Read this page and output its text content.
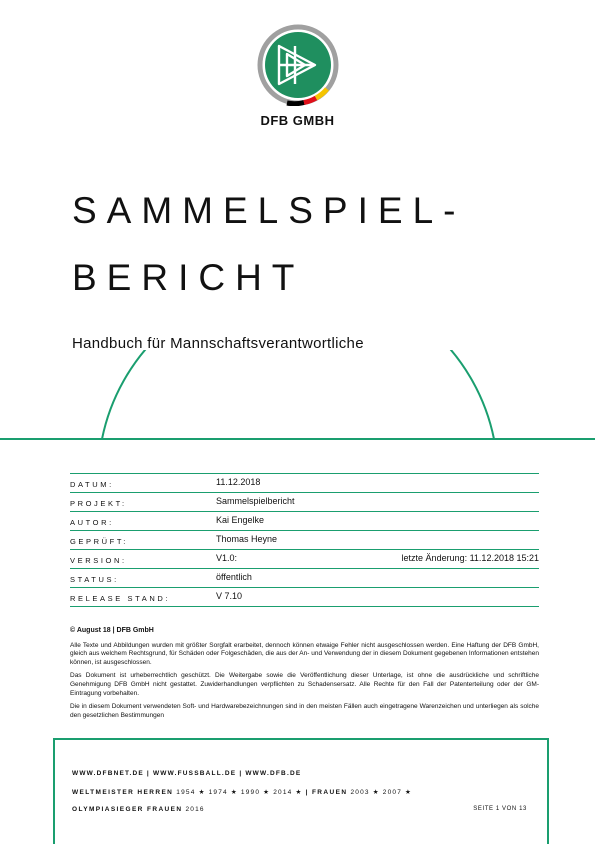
DFB GMBH
SAMMELSPIEL-
BERICHT
Handbuch für Mannschaftsverantwortliche
DATUM:	11.12.2018
PROJEKT:	Sammelspielbericht
AUTOR:	Kai Engelke
GEPRÜFT:	Thomas Heyne
VERSION:	V1.0:	letzte Änderung: 11.12.2018 15:21
STATUS:	öffentlich
RELEASE STAND:	V 7.10

© August 18 | DFB GmbH

Alle Texte und Abbildungen wurden mit größter Sorgfalt erarbeitet, dennoch können etwaige Fehler nicht ausgeschlossen werden. Eine Haftung der DFB GmbH, gleich aus welchem Rechtsgrund, für Schäden oder Folgeschäden, die aus der An- und Verwendung der in diesem Dokument gegebenen Informationen entstehen können, ist ausgeschlossen.

Das Dokument ist urheberrechtlich geschützt. Die Weitergabe sowie die Veröffentlichung dieser Unterlage, ist ohne die ausdrückliche und schriftliche Genehmigung DFB GmbH nicht gestattet. Zuwiderhandlungen verpflichten zu Schadensersatz. Alle Rechte für den Fall der Patenterteilung oder der GM-Eintragung vorbehalten.

Die in diesem Dokument verwendeten Soft- und Hardwarebezeichnungen sind in den meisten Fällen auch eingetragene Warenzeichen und unterliegen als solche den gesetzlichen Bestimmungen

WWW.DFBNET.DE | WWW.FUSSBALL.DE | WWW.DFB.DE
WELTMEISTER HERREN 1954 ★ 1974 ★ 1990 ★ 2014 ★ | FRAUEN 2003 ★ 2007 ★
OLYMPIASIEGER FRAUEN 2016	SEITE 1 VON 13
